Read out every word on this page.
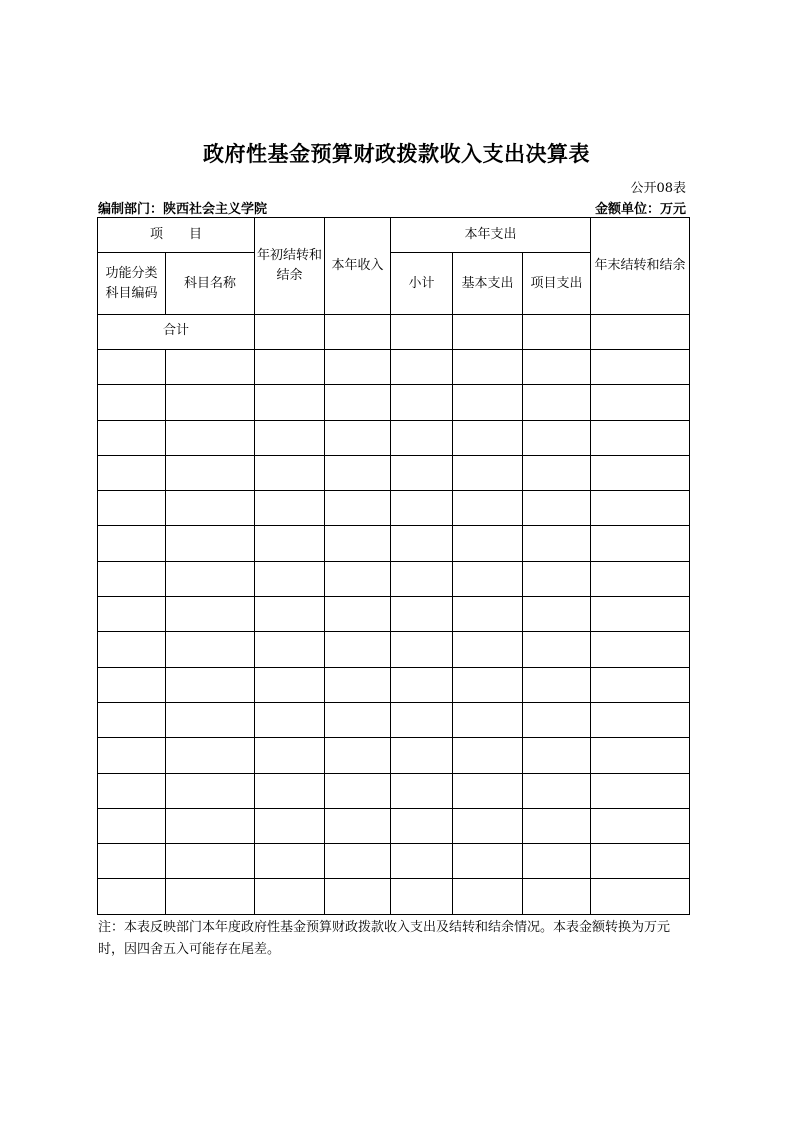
政府性基金预算财政拨款收入支出决算表
公开08表
编制部门：陕西社会主义学院	金额单位：万元
项　　目		年初结转和结余	本年收入	本年支出			年末结转和结余
功能分类科目编码	科目名称			小计	基本支出	项目支出	
合计							

注：本表反映部门本年度政府性基金预算财政拨款收入支出及结转和结余情况。本表金额转换为万元时，因四舍五入可能存在尾差。
